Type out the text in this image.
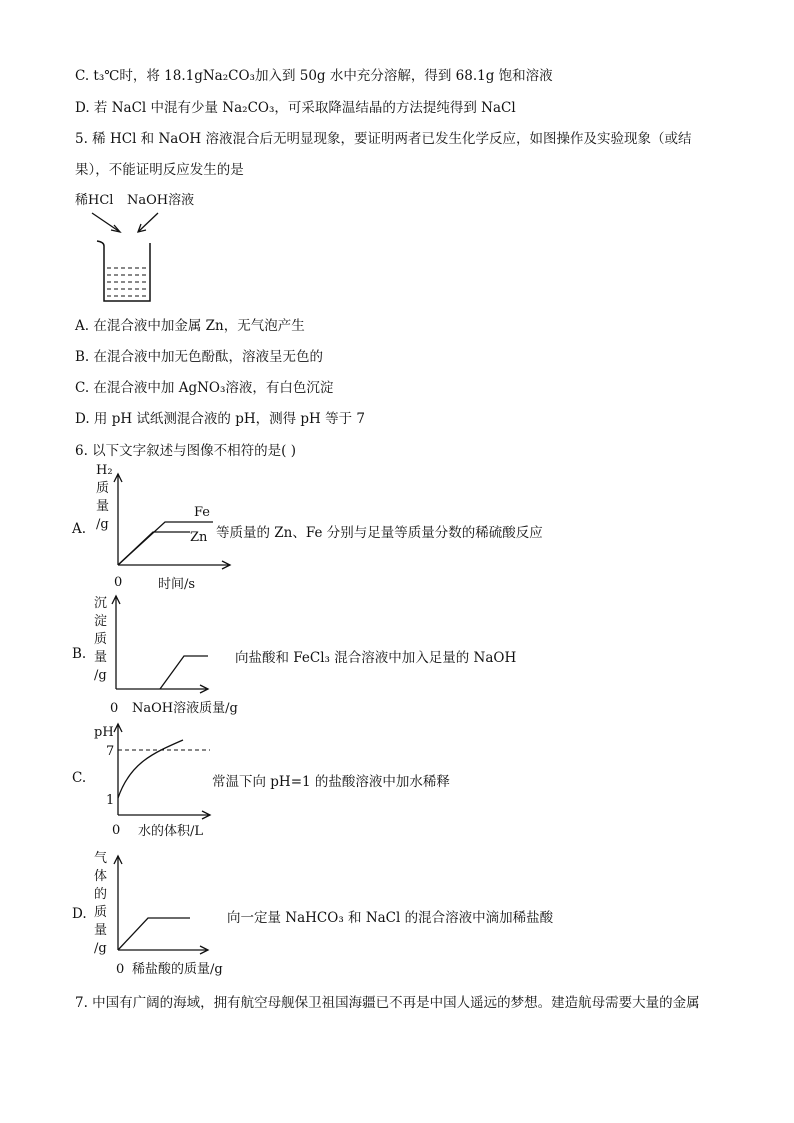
C. t₃℃时，将 18.1gNa₂CO₃加入到 50g 水中充分溶解，得到 68.1g 饱和溶液
D. 若 NaCl 中混有少量 Na₂CO₃，可采取降温结晶的方法提纯得到 NaCl
5. 稀 HCl 和 NaOH 溶液混合后无明显现象，要证明两者已发生化学反应，如图操作及实验现象（或结
果），不能证明反应发生的是
稀HCl NaOH溶液
A. 在混合液中加金属 Zn，无气泡产生
B. 在混合液中加无色酚酞，溶液呈无色的
C. 在混合液中加 AgNO₃溶液，有白色沉淀
D. 用 pH 试纸测混合液的 pH，测得 pH 等于 7
6. 以下文字叙述与图像不相符的是( )
A.
H₂
质
量
/g
0	时间/s
Fe
Zn 等质量的 Zn、Fe 分别与足量等质量分数的稀硫酸反应
B.
沉
淀
质
量
/g
0 NaOH溶液质量/g
向盐酸和 FeCl₃ 混合溶液中加入足量的 NaOH
C.
pH
7
1
0 水的体积/L
常温下向 pH=1 的盐酸溶液中加水稀释
D.
气
体
的
质
量
/g
0 稀盐酸的质量/g
向一定量 NaHCO₃ 和 NaCl 的混合溶液中滴加稀盐酸
7. 中国有广阔的海域，拥有航空母舰保卫祖国海疆已不再是中国人遥远的梦想。建造航母需要大量的金属
